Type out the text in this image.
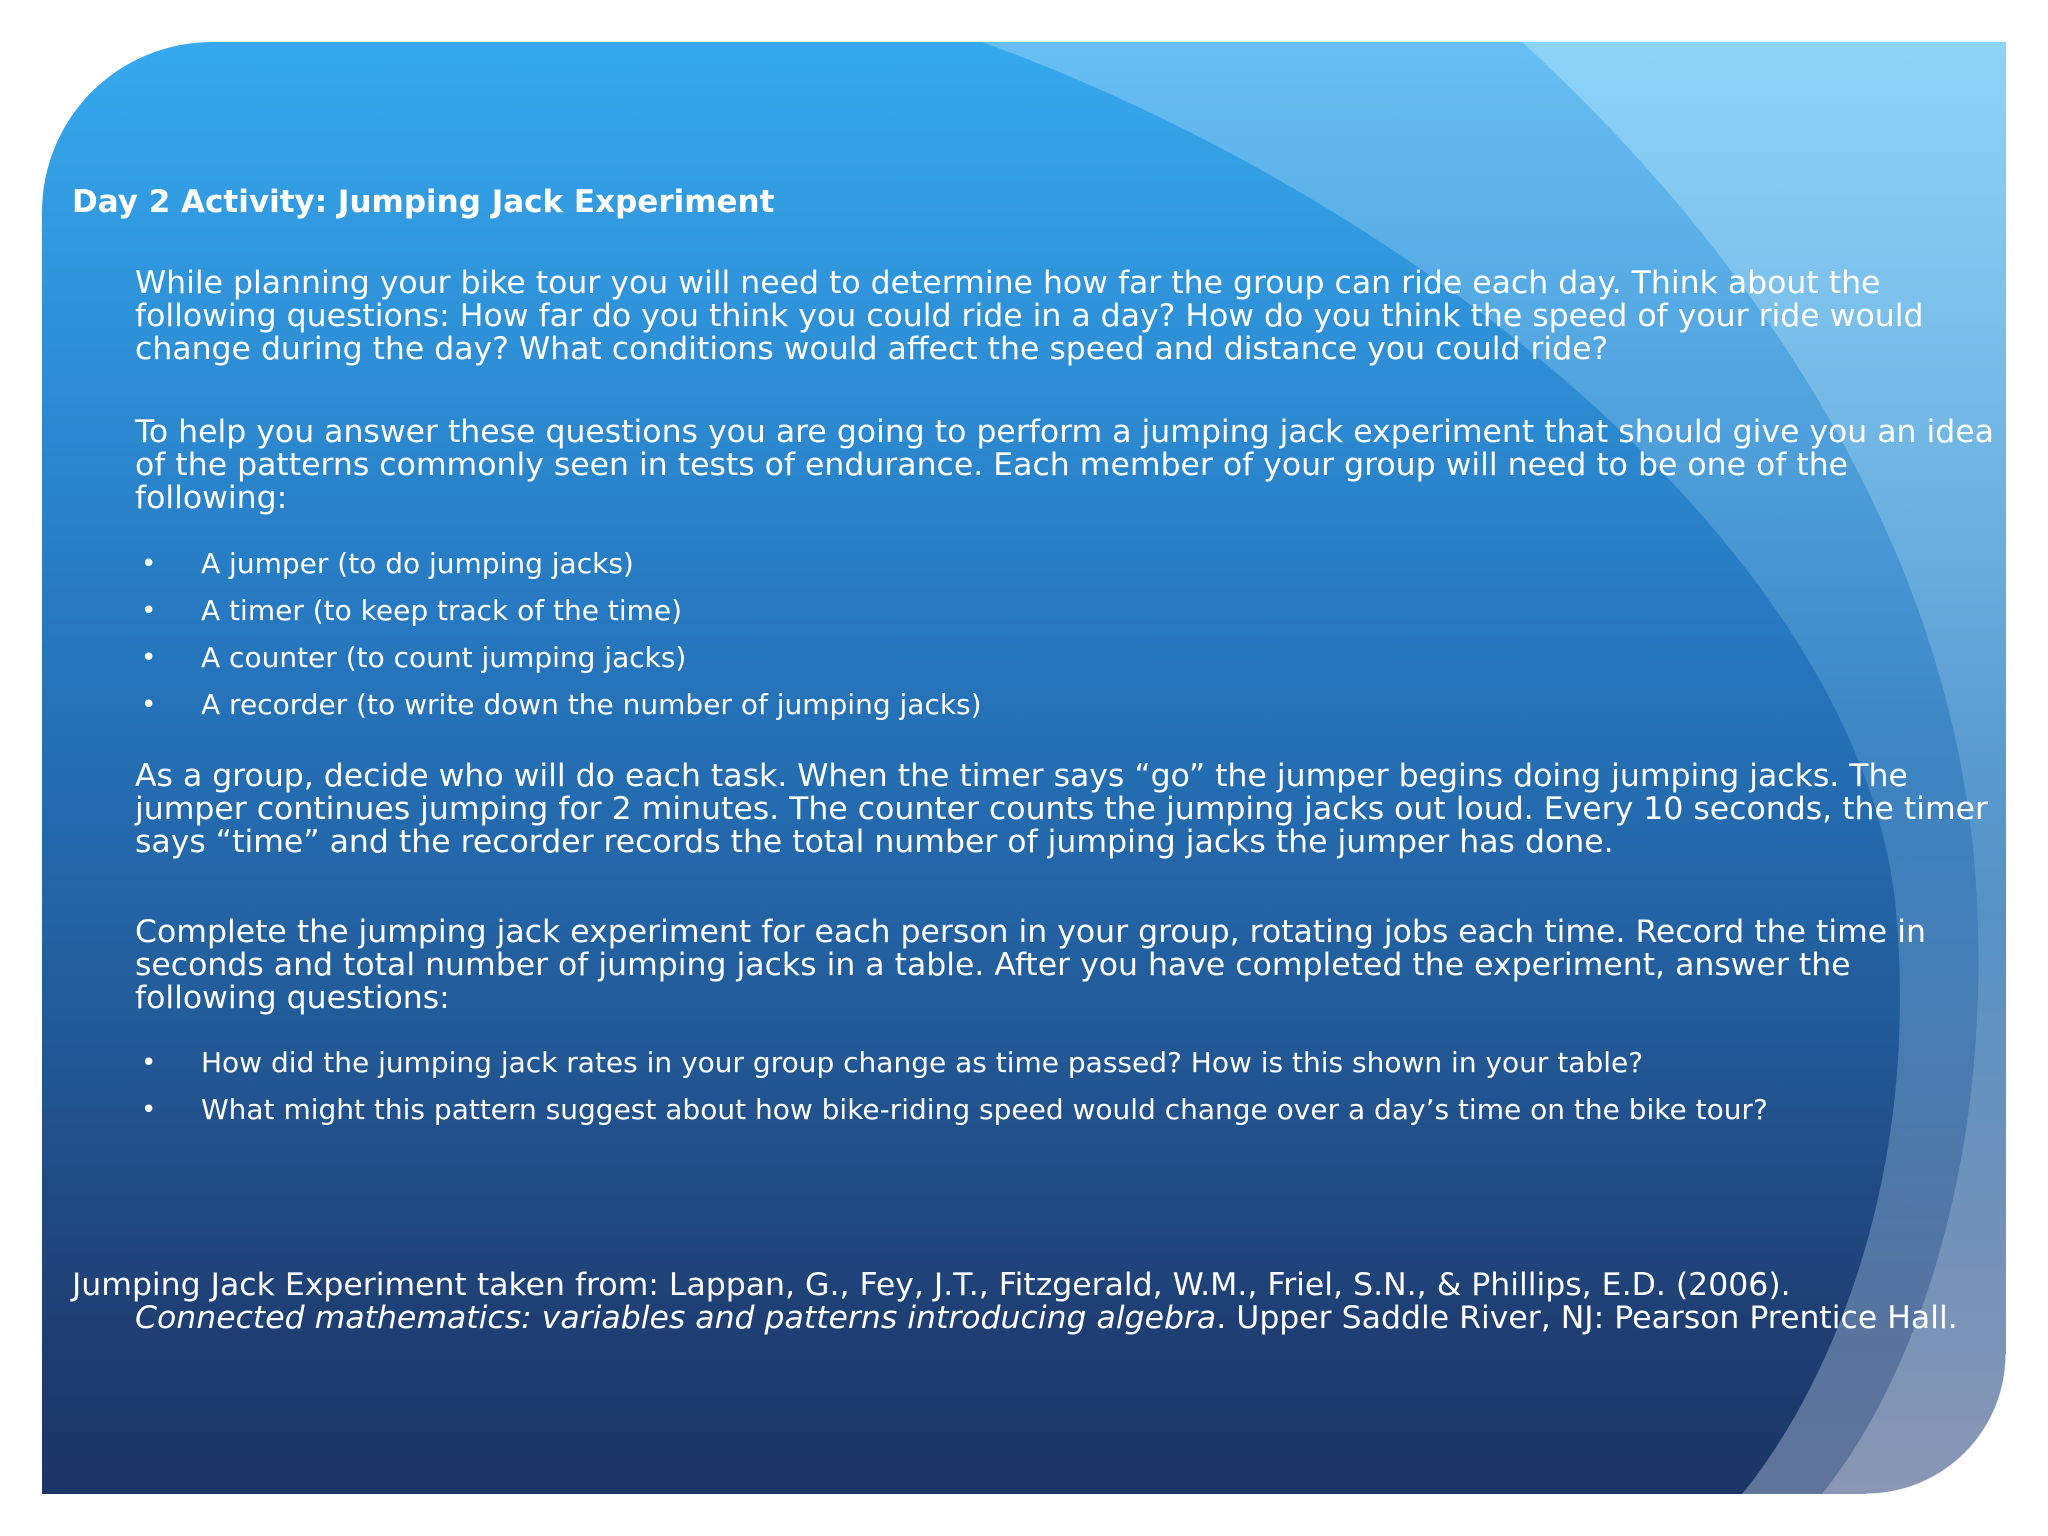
Day 2 Activity: Jumping Jack Experiment

While planning your bike tour you will need to determine how far the group can ride each day. Think about the following questions: How far do you think you could ride in a day? How do you think the speed of your ride would change during the day? What conditions would affect the speed and distance you could ride?

To help you answer these questions you are going to perform a jumping jack experiment that should give you an idea of the patterns commonly seen in tests of endurance. Each member of your group will need to be one of the following:

• A jumper (to do jumping jacks)
• A timer (to keep track of the time)
• A counter (to count jumping jacks)
• A recorder (to write down the number of jumping jacks)

As a group, decide who will do each task. When the timer says “go” the jumper begins doing jumping jacks. The jumper continues jumping for 2 minutes. The counter counts the jumping jacks out loud. Every 10 seconds, the timer says “time” and the recorder records the total number of jumping jacks the jumper has done.

Complete the jumping jack experiment for each person in your group, rotating jobs each time. Record the time in seconds and total number of jumping jacks in a table. After you have completed the experiment, answer the following questions:

• How did the jumping jack rates in your group change as time passed? How is this shown in your table?
• What might this pattern suggest about how bike-riding speed would change over a day’s time on the bike tour?
Jumping Jack Experiment taken from: Lappan, G., Fey, J.T., Fitzgerald, W.M., Friel, S.N., & Phillips, E.D. (2006).
Connected mathematics: variables and patterns introducing algebra. Upper Saddle River, NJ: Pearson Prentice Hall.
